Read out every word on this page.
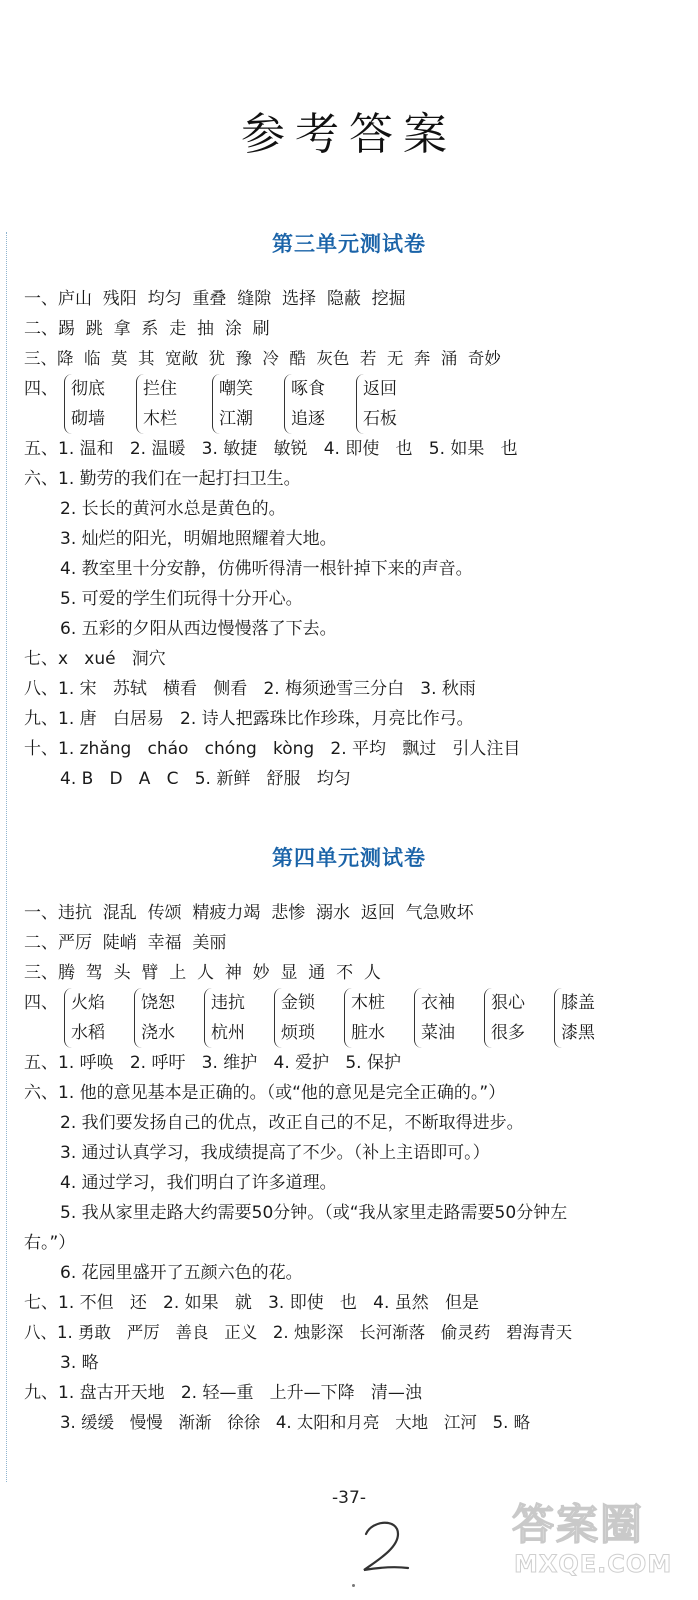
参考答案
第三单元测试卷
一、庐山  残阳  均匀  重叠  缝隙  选择  隐蔽  挖掘
二、踢  跳  拿  系  走  抽  涂  刷
三、降  临  莫  其  宽敞  犹  豫  冷  酷  灰色  若  无  奔  涌  奇妙
四、 彻底
砌墙
拦住
木栏
嘲笑
江潮
啄食
追逐
返回
石板
五、1. 温和   2. 温暖   3. 敏捷   敏锐   4. 即使   也   5. 如果   也
六、1. 勤劳的我们在一起打扫卫生。
2. 长长的黄河水总是黄色的。
3. 灿烂的阳光，明媚地照耀着大地。
4. 教室里十分安静，仿佛听得清一根针掉下来的声音。
5. 可爱的学生们玩得十分开心。
6. 五彩的夕阳从西边慢慢落了下去。
七、x   xué   洞穴
八、1. 宋   苏轼   横看   侧看   2. 梅须逊雪三分白   3. 秋雨
九、1. 唐   白居易   2. 诗人把露珠比作珍珠，月亮比作弓。
十、1. zhǎng   cháo   chóng   kòng   2. 平均   飘过   引人注目
4. B   D   A   C   5. 新鲜   舒服   均匀
第四单元测试卷
一、违抗  混乱  传颂  精疲力竭  悲惨  溺水  返回  气急败坏
二、严厉  陡峭  幸福  美丽
三、腾  驾  头  臂  上  人  神  妙  显  通  不  人
四、 火焰
水稻
饶恕
浇水
违抗
杭州
金锁
烦琐
木桩
脏水
衣袖
菜油
狠心
很多
膝盖
漆黑
五、1. 呼唤   2. 呼吁   3. 维护   4. 爱护   5. 保护
六、1. 他的意见基本是正确的。（或“他的意见是完全正确的。”）
2. 我们要发扬自己的优点，改正自己的不足，不断取得进步。
3. 通过认真学习，我成绩提高了不少。（补上主语即可。）
4. 通过学习，我们明白了许多道理。
5. 我从家里走路大约需要50分钟。（或“我从家里走路需要50分钟左
右。”）
6. 花园里盛开了五颜六色的花。
七、1. 不但   还   2. 如果   就   3. 即使   也   4. 虽然   但是
八、1. 勇敢   严厉   善良   正义   2. 烛影深   长河渐落   偷灵药   碧海青天
3. 略
九、1. 盘古开天地   2. 轻—重   上升—下降   清—浊
3. 缓缓   慢慢   渐渐   徐徐   4. 太阳和月亮   大地   江河   5. 略
-37-
答案圈
MXQE.COM
